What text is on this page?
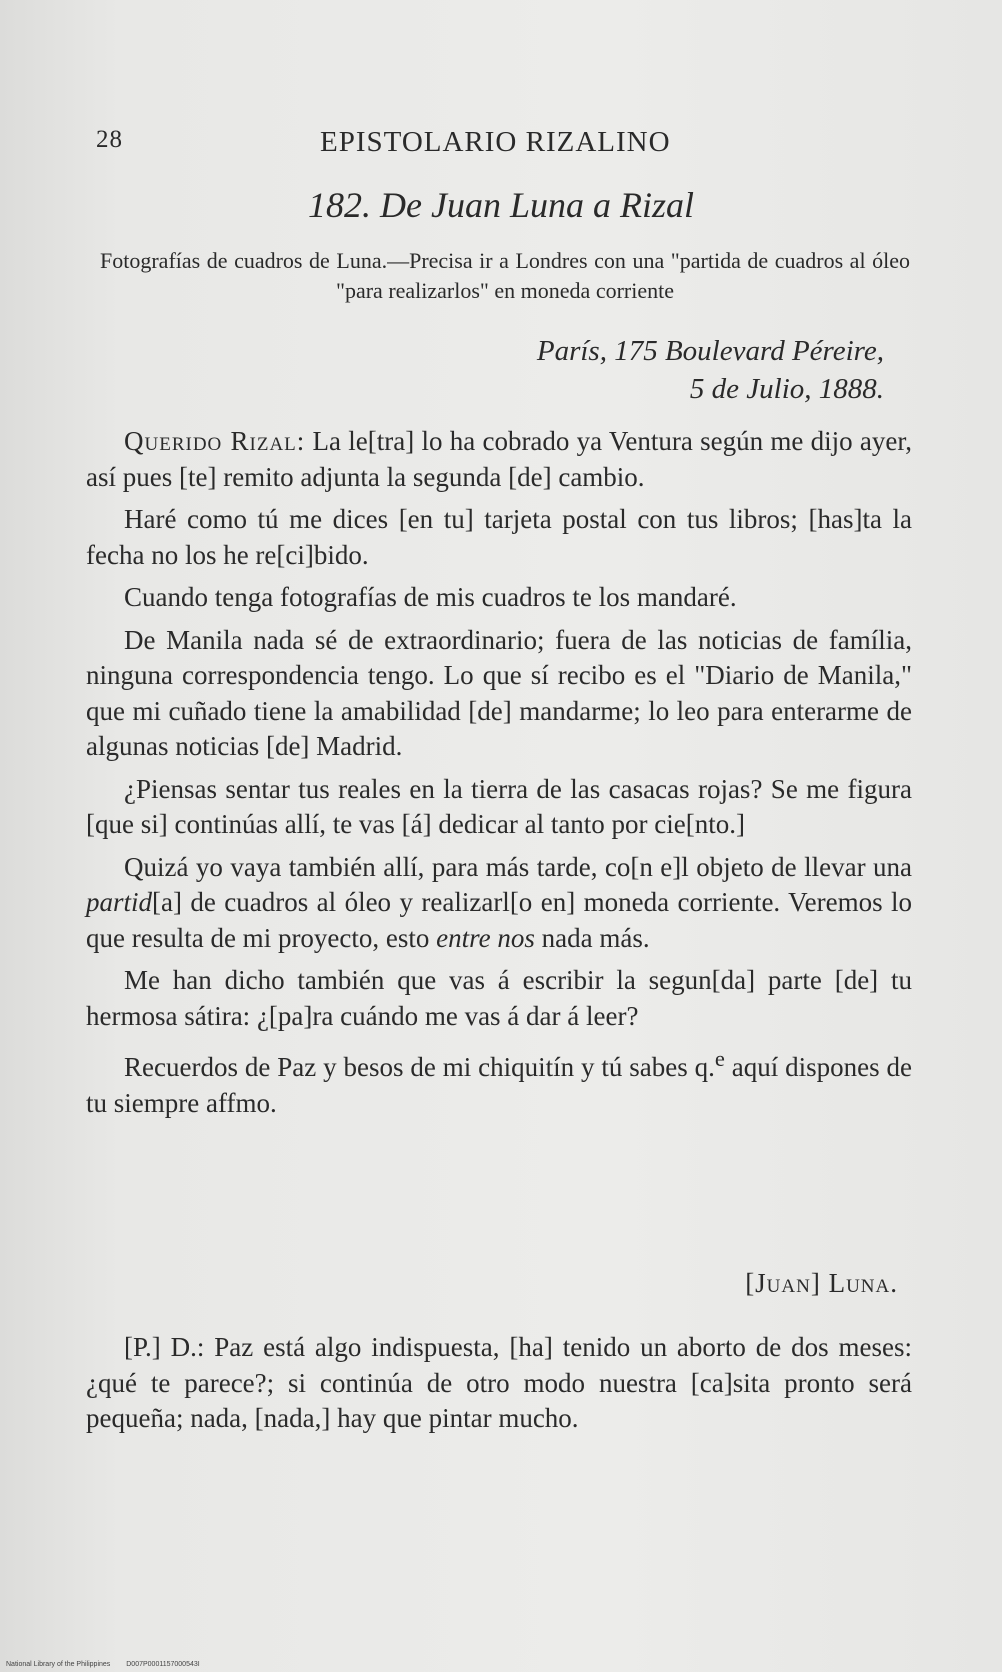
28	EPISTOLARIO RIZALINO
182. De Juan Luna a Rizal
Fotografías de cuadros de Luna.—Precisa ir a Londres con una "partida de cuadros al óleo "para realizarlos" en moneda corriente
París, 175 Boulevard Péreire,
5 de Julio, 1888.

Querido Rizal: La le[tra] lo ha cobrado ya Ventura según me dijo ayer, así pues [te] remito adjunta la segunda [de] cambio.

Haré como tú me dices [en tu] tarjeta postal con tus libros; [has]ta la fecha no los he re[ci]bido.

Cuando tenga fotografías de mis cuadros te los mandaré.

De Manila nada sé de extraordinario; fuera de las noticias de família, ninguna correspondencia tengo. Lo que sí recibo es el "Diario de Manila," que mi cuñado tiene la amabilidad [de] mandarme; lo leo para enterarme de algunas noticias [de] Madrid.

¿Piensas sentar tus reales en la tierra de las casacas rojas? Se me figura [que si] continúas allí, te vas [á] dedicar al tanto por cie[nto.]

Quizá yo vaya también allí, para más tarde, co[n e]l objeto de llevar una partid[a] de cuadros al óleo y realizarl[o en] moneda corriente. Veremos lo que resulta de mi proyecto, esto entre nos nada más.

Me han dicho también que vas á escribir la segun[da] parte [de] tu hermosa sátira: ¿[pa]ra cuándo me vas á dar á leer?

Recuerdos de Paz y besos de mi chiquitín y tú sabes q.$^e$ aquí dispones de tu siempre affmo.

[Juan] Luna.

[P.] D.: Paz está algo indispuesta, [ha] tenido un aborto de dos meses: ¿qué te parece?; si continúa de otro modo nuestra [ca]sita pronto será pequeña; nada, [nada,] hay que pintar mucho.

National Library of the Philippines D007P0001157000543I
